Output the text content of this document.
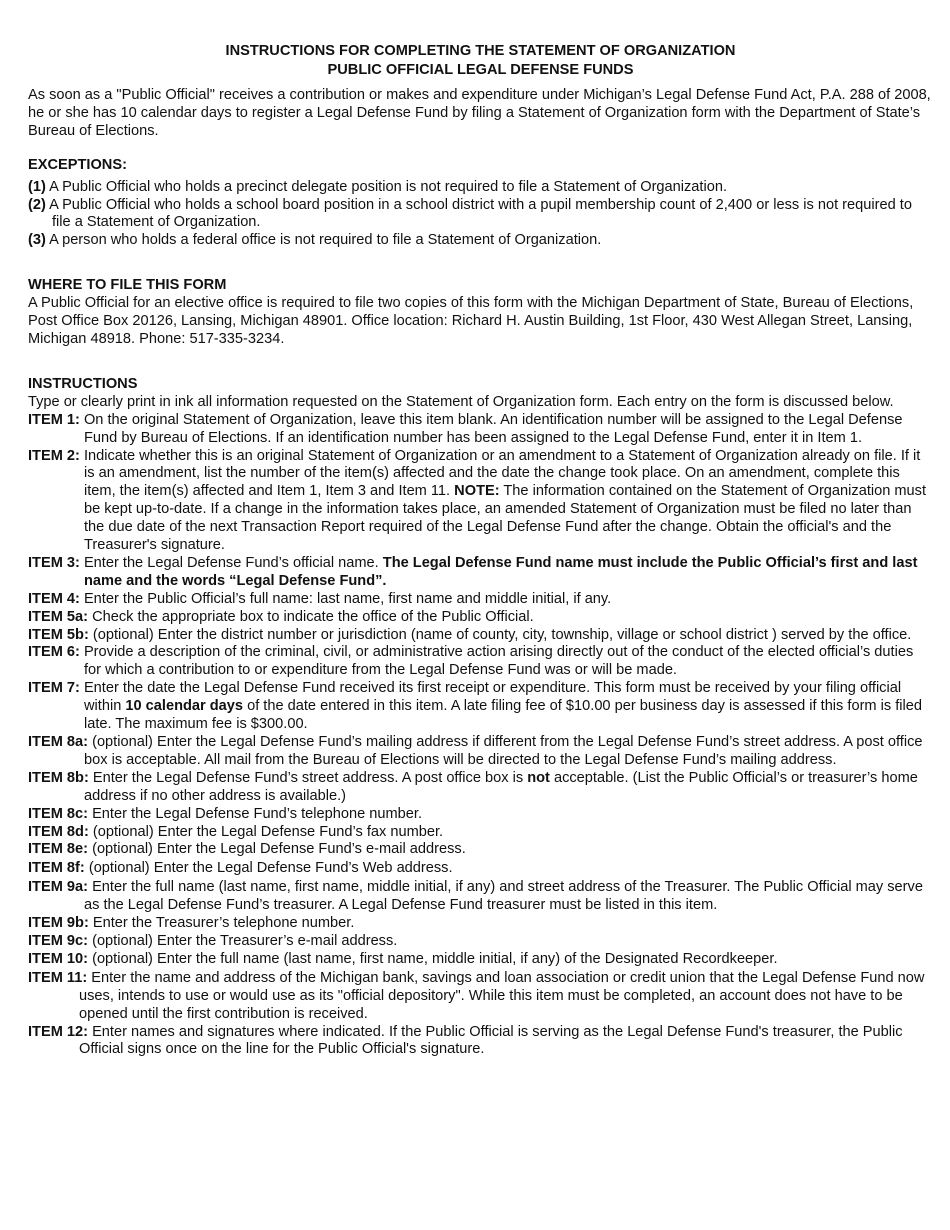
INSTRUCTIONS FOR COMPLETING THE STATEMENT OF ORGANIZATION
PUBLIC OFFICIAL LEGAL DEFENSE FUNDS

As soon as a "Public Official" receives a contribution or makes and expenditure under Michigan’s Legal Defense Fund Act, P.A. 288 of 2008, he or she has 10 calendar days to register a Legal Defense Fund by filing a Statement of Organization form with the Department of State’s Bureau of Elections.

EXCEPTIONS:

(1) A Public Official who holds a precinct delegate position is not required to file a Statement of Organization.

(2) A Public Official who holds a school board position in a school district with a pupil membership count of 2,400 or less is not required to file a Statement of Organization.

(3) A person who holds a federal office is not required to file a Statement of Organization.

WHERE TO FILE THIS FORM

A Public Official for an elective office is required to file two copies of this form with the Michigan Department of State, Bureau of Elections, Post Office Box 20126, Lansing, Michigan 48901. Office location: Richard H. Austin Building, 1st Floor, 430 West Allegan Street, Lansing, Michigan 48918. Phone: 517-335-3234.

INSTRUCTIONS

Type or clearly print in ink all information requested on the Statement of Organization form. Each entry on the form is discussed below.

ITEM 1: On the original Statement of Organization, leave this item blank. An identification number will be assigned to the Legal Defense Fund by Bureau of Elections. If an identification number has been assigned to the Legal Defense Fund, enter it in Item 1.

ITEM 2: Indicate whether this is an original Statement of Organization or an amendment to a Statement of Organization already on file. If it is an amendment, list the number of the item(s) affected and the date the change took place. On an amendment, complete this item, the item(s) affected and Item 1, Item 3 and Item 11. NOTE: The information contained on the Statement of Organization must be kept up-to-date. If a change in the information takes place, an amended Statement of Organization must be filed no later than the due date of the next Transaction Report required of the Legal Defense Fund after the change. Obtain the official's and the Treasurer's signature.

ITEM 3: Enter the Legal Defense Fund’s official name. The Legal Defense Fund name must include the Public Official’s first and last name and the words “Legal Defense Fund”.

ITEM 4: Enter the Public Official’s full name: last name, first name and middle initial, if any.

ITEM 5a: Check the appropriate box to indicate the office of the Public Official.

ITEM 5b: (optional) Enter the district number or jurisdiction (name of county, city, township, village or school district ) served by the office.

ITEM 6: Provide a description of the criminal, civil, or administrative action arising directly out of the conduct of the elected official’s duties for which a contribution to or expenditure from the Legal Defense Fund was or will be made.

ITEM 7: Enter the date the Legal Defense Fund received its first receipt or expenditure. This form must be received by your filing official within 10 calendar days of the date entered in this item. A late filing fee of $10.00 per business day is assessed if this form is filed late. The maximum fee is $300.00.

ITEM 8a: (optional) Enter the Legal Defense Fund’s mailing address if different from the Legal Defense Fund’s street address. A post office box is acceptable. All mail from the Bureau of Elections will be directed to the Legal Defense Fund’s mailing address.

ITEM 8b: Enter the Legal Defense Fund’s street address. A post office box is not acceptable. (List the Public Official’s or treasurer’s home address if no other address is available.)

ITEM 8c: Enter the Legal Defense Fund’s telephone number.

ITEM 8d: (optional) Enter the Legal Defense Fund’s fax number.

ITEM 8e: (optional) Enter the Legal Defense Fund’s e-mail address.

ITEM 8f: (optional) Enter the Legal Defense Fund’s Web address.

ITEM 9a: Enter the full name (last name, first name, middle initial, if any) and street address of the Treasurer. The Public Official may serve as the Legal Defense Fund’s treasurer. A Legal Defense Fund treasurer must be listed in this item.

ITEM 9b: Enter the Treasurer’s telephone number.

ITEM 9c: (optional) Enter the Treasurer’s e-mail address.

ITEM 10: (optional) Enter the full name (last name, first name, middle initial, if any) of the Designated Recordkeeper.

ITEM 11: Enter the name and address of the Michigan bank, savings and loan association or credit union that the Legal Defense Fund now uses, intends to use or would use as its "official depository". While this item must be completed, an account does not have to be opened until the first contribution is received.

ITEM 12: Enter names and signatures where indicated. If the Public Official is serving as the Legal Defense Fund's treasurer, the Public Official signs once on the line for the Public Official's signature.
